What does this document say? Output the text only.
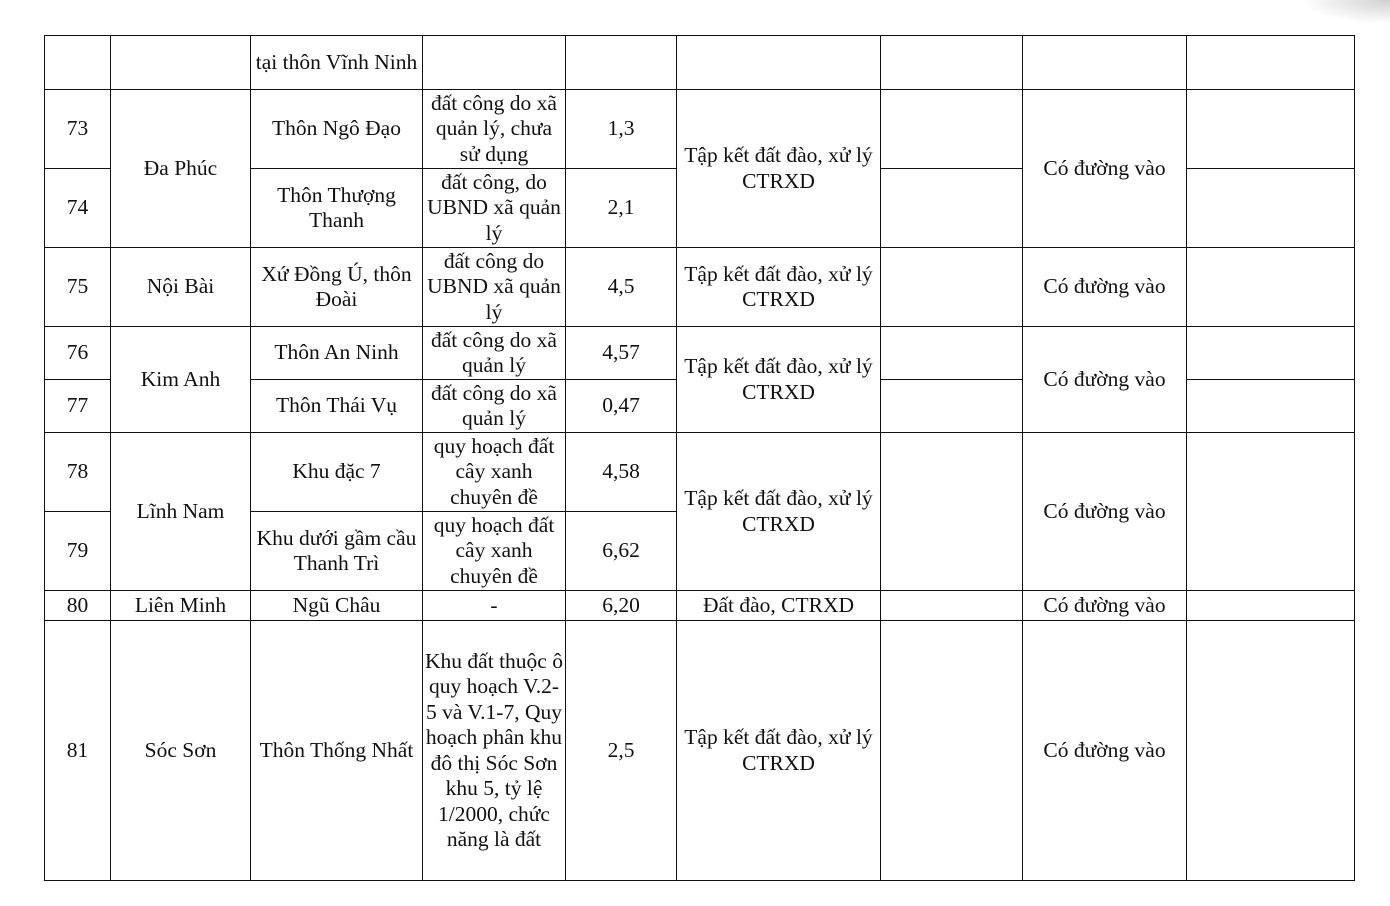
		tại thôn Vĩnh Ninh						
73	Đa Phúc	Thôn Ngô Đạo	đất công do xã quản lý, chưa sử dụng	1,3	Tập kết đất đào, xử lý CTRXD		Có đường vào	
74		Thôn Thượng Thanh	đất công, do UBND xã quản lý	2,1				
75	Nội Bài	Xứ Đồng Ú, thôn Đoài	đất công do UBND xã quản lý	4,5	Tập kết đất đào, xử lý CTRXD		Có đường vào	
76	Kim Anh	Thôn An Ninh	đất công do xã quản lý	4,57	Tập kết đất đào, xử lý CTRXD		Có đường vào	
77		Thôn Thái Vụ	đất công do xã quản lý	0,47				
78	Lĩnh Nam	Khu đặc 7	quy hoạch đất cây xanh chuyên đề	4,58	Tập kết đất đào, xử lý CTRXD		Có đường vào	
79		Khu dưới gầm cầu Thanh Trì	quy hoạch đất cây xanh chuyên đề	6,62				
80	Liên Minh	Ngũ Châu	-	6,20	Đất đào, CTRXD		Có đường vào	
81	Sóc Sơn	Thôn Thống Nhất	Khu đất thuộc ô quy hoạch V.2-5 và V.1-7, Quy hoạch phân khu đô thị Sóc Sơn khu 5, tỷ lệ 1/2000, chức năng là đất	2,5	Tập kết đất đào, xử lý CTRXD		Có đường vào	
